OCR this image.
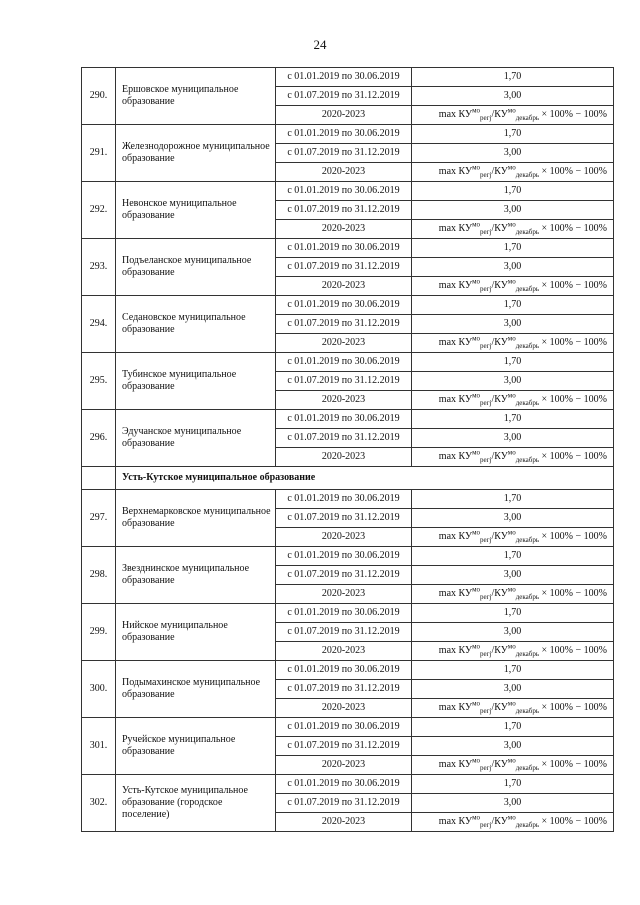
24
290.	Ершовское муниципальное образование	с 01.01.2019 по 30.06.2019	1,70
		с 01.07.2019 по 31.12.2019	3,00
		2020-2023	$\max КУ^{мо}_{регj}/КУ^{мо}_{декабрь} \times 100\% - 100\%$
291.	Железнодорожное муниципальное образование	с 01.01.2019 по 30.06.2019	1,70
		с 01.07.2019 по 31.12.2019	3,00
		2020-2023	$\max КУ^{мо}_{регj}/КУ^{мо}_{декабрь} \times 100\% - 100\%$
292.	Невонское муниципальное образование	с 01.01.2019 по 30.06.2019	1,70
		с 01.07.2019 по 31.12.2019	3,00
		2020-2023	$\max КУ^{мо}_{регj}/КУ^{мо}_{декабрь} \times 100\% - 100\%$
293.	Подъеланское муниципальное образование	с 01.01.2019 по 30.06.2019	1,70
		с 01.07.2019 по 31.12.2019	3,00
		2020-2023	$\max КУ^{мо}_{регj}/КУ^{мо}_{декабрь} \times 100\% - 100\%$
294.	Седановское муниципальное образование	с 01.01.2019 по 30.06.2019	1,70
		с 01.07.2019 по 31.12.2019	3,00
		2020-2023	$\max КУ^{мо}_{регj}/КУ^{мо}_{декабрь} \times 100\% - 100\%$
295.	Тубинское муниципальное образование	с 01.01.2019 по 30.06.2019	1,70
		с 01.07.2019 по 31.12.2019	3,00
		2020-2023	$\max КУ^{мо}_{регj}/КУ^{мо}_{декабрь} \times 100\% - 100\%$
296.	Эдучанское муниципальное образование	с 01.01.2019 по 30.06.2019	1,70
		с 01.07.2019 по 31.12.2019	3,00
		2020-2023	$\max КУ^{мо}_{регj}/КУ^{мо}_{декабрь} \times 100\% - 100\%$
	Усть-Кутское муниципальное образование		
297.	Верхнемарковское муниципальное образование	с 01.01.2019 по 30.06.2019	1,70
		с 01.07.2019 по 31.12.2019	3,00
		2020-2023	$\max КУ^{мо}_{регj}/КУ^{мо}_{декабрь} \times 100\% - 100\%$
298.	Звезднинское муниципальное образование	с 01.01.2019 по 30.06.2019	1,70
		с 01.07.2019 по 31.12.2019	3,00
		2020-2023	$\max КУ^{мо}_{регj}/КУ^{мо}_{декабрь} \times 100\% - 100\%$
299.	Нийское муниципальное образование	с 01.01.2019 по 30.06.2019	1,70
		с 01.07.2019 по 31.12.2019	3,00
		2020-2023	$\max КУ^{мо}_{регj}/КУ^{мо}_{декабрь} \times 100\% - 100\%$
300.	Подымахинское муниципальное образование	с 01.01.2019 по 30.06.2019	1,70
		с 01.07.2019 по 31.12.2019	3,00
		2020-2023	$\max КУ^{мо}_{регj}/КУ^{мо}_{декабрь} \times 100\% - 100\%$
301.	Ручейское муниципальное образование	с 01.01.2019 по 30.06.2019	1,70
		с 01.07.2019 по 31.12.2019	3,00
		2020-2023	$\max КУ^{мо}_{регj}/КУ^{мо}_{декабрь} \times 100\% - 100\%$
302.	Усть-Кутское муниципальное образование (городское поселение)	с 01.01.2019 по 30.06.2019	1,70
		с 01.07.2019 по 31.12.2019	3,00
		2020-2023	$\max КУ^{мо}_{регj}/КУ^{мо}_{декабрь} \times 100\% - 100\%$
